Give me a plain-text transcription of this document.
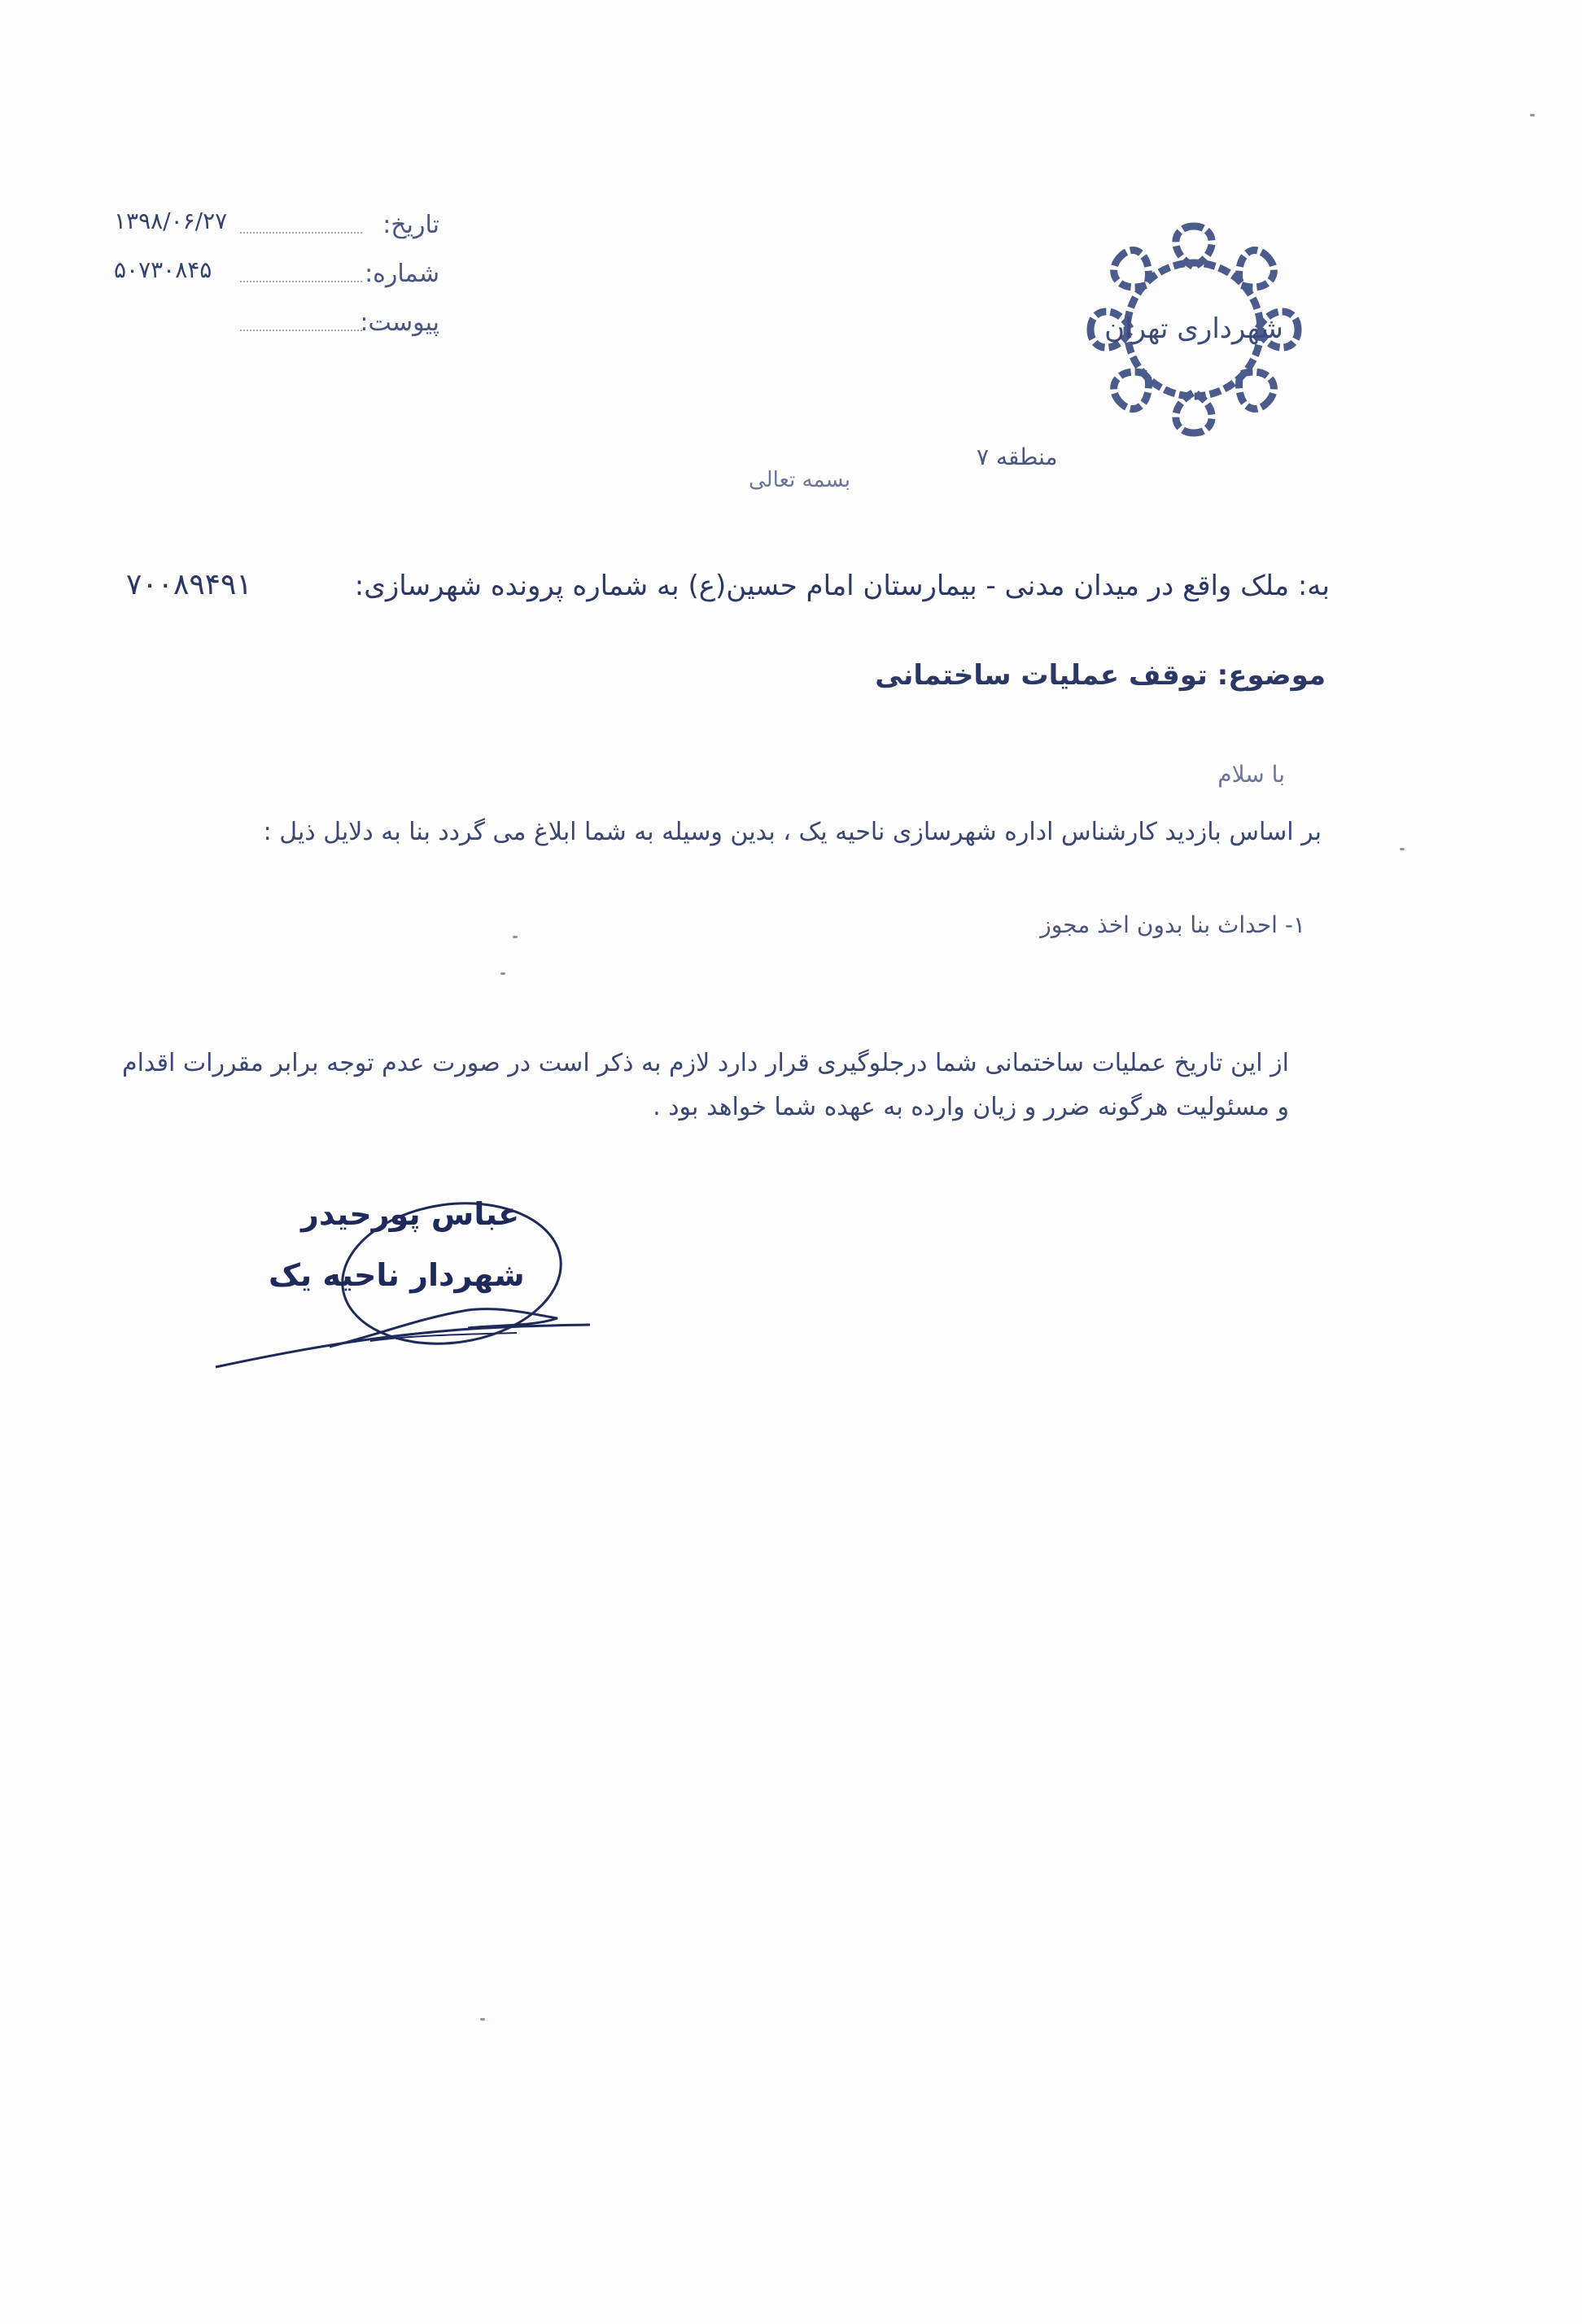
۱۳۹۸/۰۶/۲۷	تاریخ:
۵۰۷۳۰۸۴۵	شماره:
پیوست:	شهرداری تهران
منطقه ۷
بسمه تعالی
به: ملک واقع در میدان مدنی - بیمارستان امام حسین(ع) به شماره پرونده شهرسازی:
۷۰۰۸۹۴۹۱
موضوع: توقف عملیات ساختمانی
با سلام
بر اساس بازدید کارشناس اداره شهرسازی ناحیه یک ، بدین وسیله به شما ابلاغ می گردد بنا به دلایل ذیل :
۱- احداث بنا بدون اخذ مجوز
از این تاریخ عملیات ساختمانی شما درجلوگیری قرار دارد لازم به ذکر است در صورت عدم توجه برابر مقررات اقدام و مسئولیت هرگونه ضرر و زیان وارده به عهده شما خواهد بود .
عباس پورحیدر
شهردار ناحیه یک
